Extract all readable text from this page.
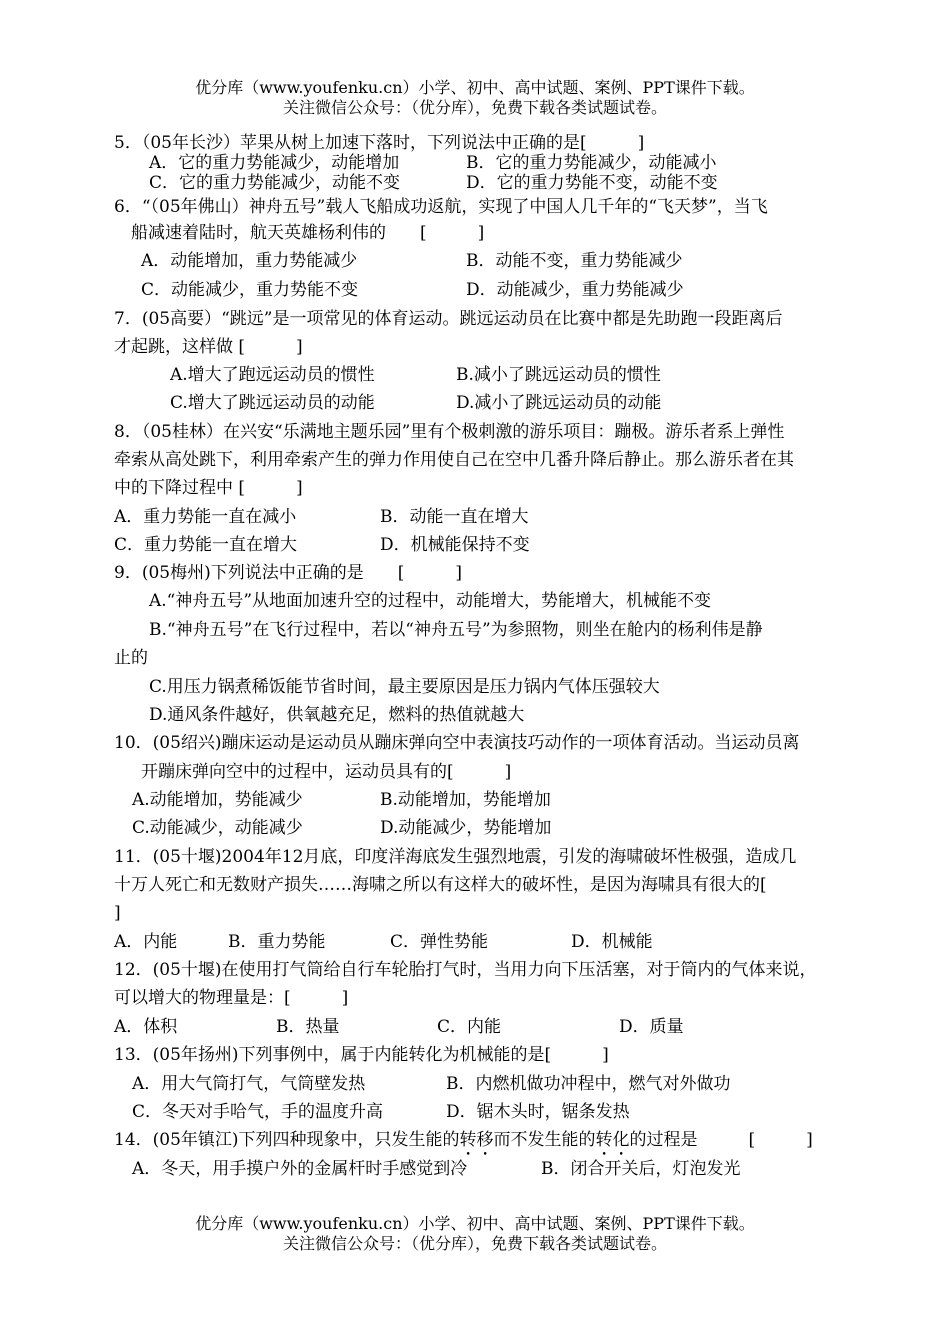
优分库（www.youfenku.cn）小学、初中、高中试题、案例、PPT课件下载。
关注微信公众号：（优分库），免费下载各类试题试卷。
5．（05年长沙）苹果从树上加速下落时，下列说法中正确的是[　　　]
A．它的重力势能减少，动能增加	B．它的重力势能减少，动能减小
C．它的重力势能减少，动能不变	D．它的重力势能不变，动能不变
6．“（05年佛山）神舟五号”载人飞船成功返航，实现了中国人几千年的“飞天梦”，当飞
船减速着陆时，航天英雄杨利伟的　　[　　　]
A．动能增加，重力势能减少	B．动能不变，重力势能减少
C．动能减少，重力势能不变	D．动能减少，重力势能减少
7．(05高要）“跳远”是一项常见的体育运动。跳远运动员在比赛中都是先助跑一段距离后
才起跳，这样做 [　　　]
A.增大了跑远运动员的惯性	B.减小了跳远运动员的惯性
C.增大了跳远运动员的动能	D.减小了跳远运动员的动能
8．（05桂林）在兴安“乐满地主题乐园”里有个极刺激的游乐项目：蹦极。游乐者系上弹性
牵索从高处跳下，利用牵索产生的弹力作用使自己在空中几番升降后静止。那么游乐者在其
中的下降过程中 [　　　]
A．重力势能一直在减小	B．动能一直在增大
C．重力势能一直在增大	D．机械能保持不变
9．(05梅州)下列说法中正确的是　　[　　　]
A.“神舟五号”从地面加速升空的过程中，动能增大，势能增大，机械能不变
B.“神舟五号”在飞行过程中，若以“神舟五号”为参照物，则坐在舱内的杨利伟是静
止的
C.用压力锅煮稀饭能节省时间，最主要原因是压力锅内气体压强较大
D.通风条件越好，供氧越充足，燃料的热值就越大
10．(05绍兴)蹦床运动是运动员从蹦床弹向空中表演技巧动作的一项体育活动。当运动员离
开蹦床弹向空中的过程中，运动员具有的[　　　]
A.动能增加，势能减少	B.动能增加，势能增加
C.动能减少，动能减少	D.动能减少，势能增加
11．(05十堰)2004年12月底，印度洋海底发生强烈地震，引发的海啸破坏性极强，造成几
十万人死亡和无数财产损失……海啸之所以有这样大的破坏性，是因为海啸具有很大的[
]
A．内能	B．重力势能	C．弹性势能	D．机械能
12．(05十堰)在使用打气筒给自行车轮胎打气时，当用力向下压活塞，对于筒内的气体来说，
可以增大的物理量是：[　　　]
A．体积	B．热量	C．内能	D．质量
13．(05年扬州)下列事例中，属于内能转化为机械能的是[　　　]
A．用大气筒打气，气筒壁发热	B．内燃机做功冲程中，燃气对外做功
C．冬天对手哈气，手的温度升高	D．锯木头时，锯条发热
14．(05年镇江)下列四种现象中，只发生能的转移而不发生能的转化的过程是　　　[　　　]
A．冬天，用手摸户外的金属杆时手感觉到冷	B．闭合开关后，灯泡发光
优分库（www.youfenku.cn）小学、初中、高中试题、案例、PPT课件下载。
关注微信公众号：（优分库），免费下载各类试题试卷。
